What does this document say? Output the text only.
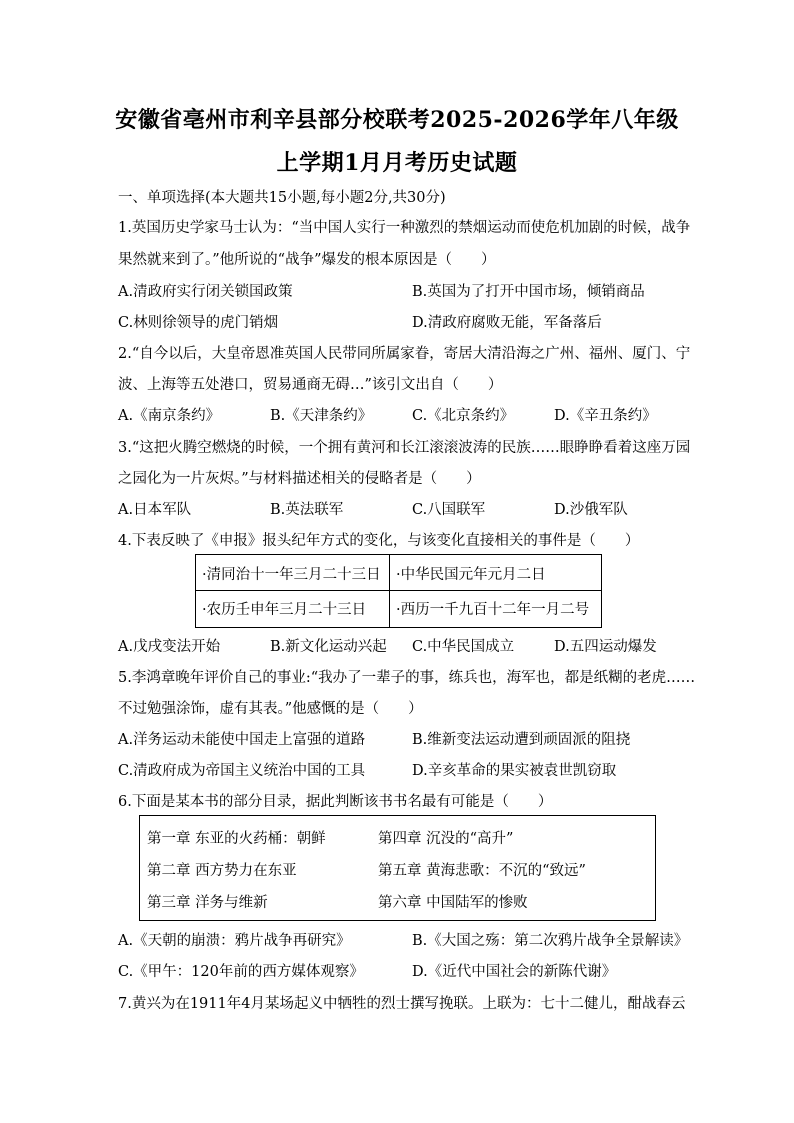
安徽省亳州市利辛县部分校联考2025-2026学年八年级
上学期1月月考历史试题
一、单项选择(本大题共15小题,每小题2分,共30分)
1.英国历史学家马士认为：“当中国人实行一种激烈的禁烟运动而使危机加剧的时候，战争
果然就来到了。”他所说的“战争”爆发的根本原因是（　　）
A.清政府实行闭关锁国政策	B.英国为了打开中国市场，倾销商品
C.林则徐领导的虎门销烟	D.清政府腐败无能，军备落后
2.“自今以后，大皇帝恩准英国人民带同所属家眷，寄居大清沿海之广州、福州、厦门、宁
波、上海等五处港口，贸易通商无碍…”该引文出自（　　）
A.《南京条约》	B.《天津条约》	C.《北京条约》	D.《辛丑条约》
3.“这把火腾空燃烧的时候，一个拥有黄河和长江滚滚波涛的民族……眼睁睁看着这座万园
之园化为一片灰烬。”与材料描述相关的侵略者是（　　）
A.日本军队	B.英法联军	C.八国联军	D.沙俄军队
4.下表反映了《申报》报头纪年方式的变化，与该变化直接相关的事件是（　　）
·清同治十一年三月二十三日 ·中华民国元年元月二日
·农历壬申年三月二十三日 ·西历一千九百十二年一月二号
A.戊戌变法开始	B.新文化运动兴起 C.中华民国成立	D.五四运动爆发
5.李鸿章晚年评价自己的事业:“我办了一辈子的事，练兵也，海军也，都是纸糊的老虎……
不过勉强涂饰，虚有其表。”他感慨的是（　　）
A.洋务运动未能使中国走上富强的道路	B.维新变法运动遭到顽固派的阻挠
C.清政府成为帝国主义统治中国的工具	D.辛亥革命的果实被袁世凯窃取
6.下面是某本书的部分目录，据此判断该书书名最有可能是（　　）
第一章 东亚的火药桶：朝鲜	第四章 沉没的“高升”
第二章 西方势力在东亚	第五章 黄海悲歌：不沉的“致远”
第三章 洋务与维新	第六章 中国陆军的惨败
A.《天朝的崩溃：鸦片战争再研究》	B.《大国之殇：第二次鸦片战争全景解读》
C.《甲午：120年前的西方媒体观察》	D.《近代中国社会的新陈代谢》
7.黄兴为在1911年4月某场起义中牺牲的烈士撰写挽联。上联为：七十二健儿，酣战春云
